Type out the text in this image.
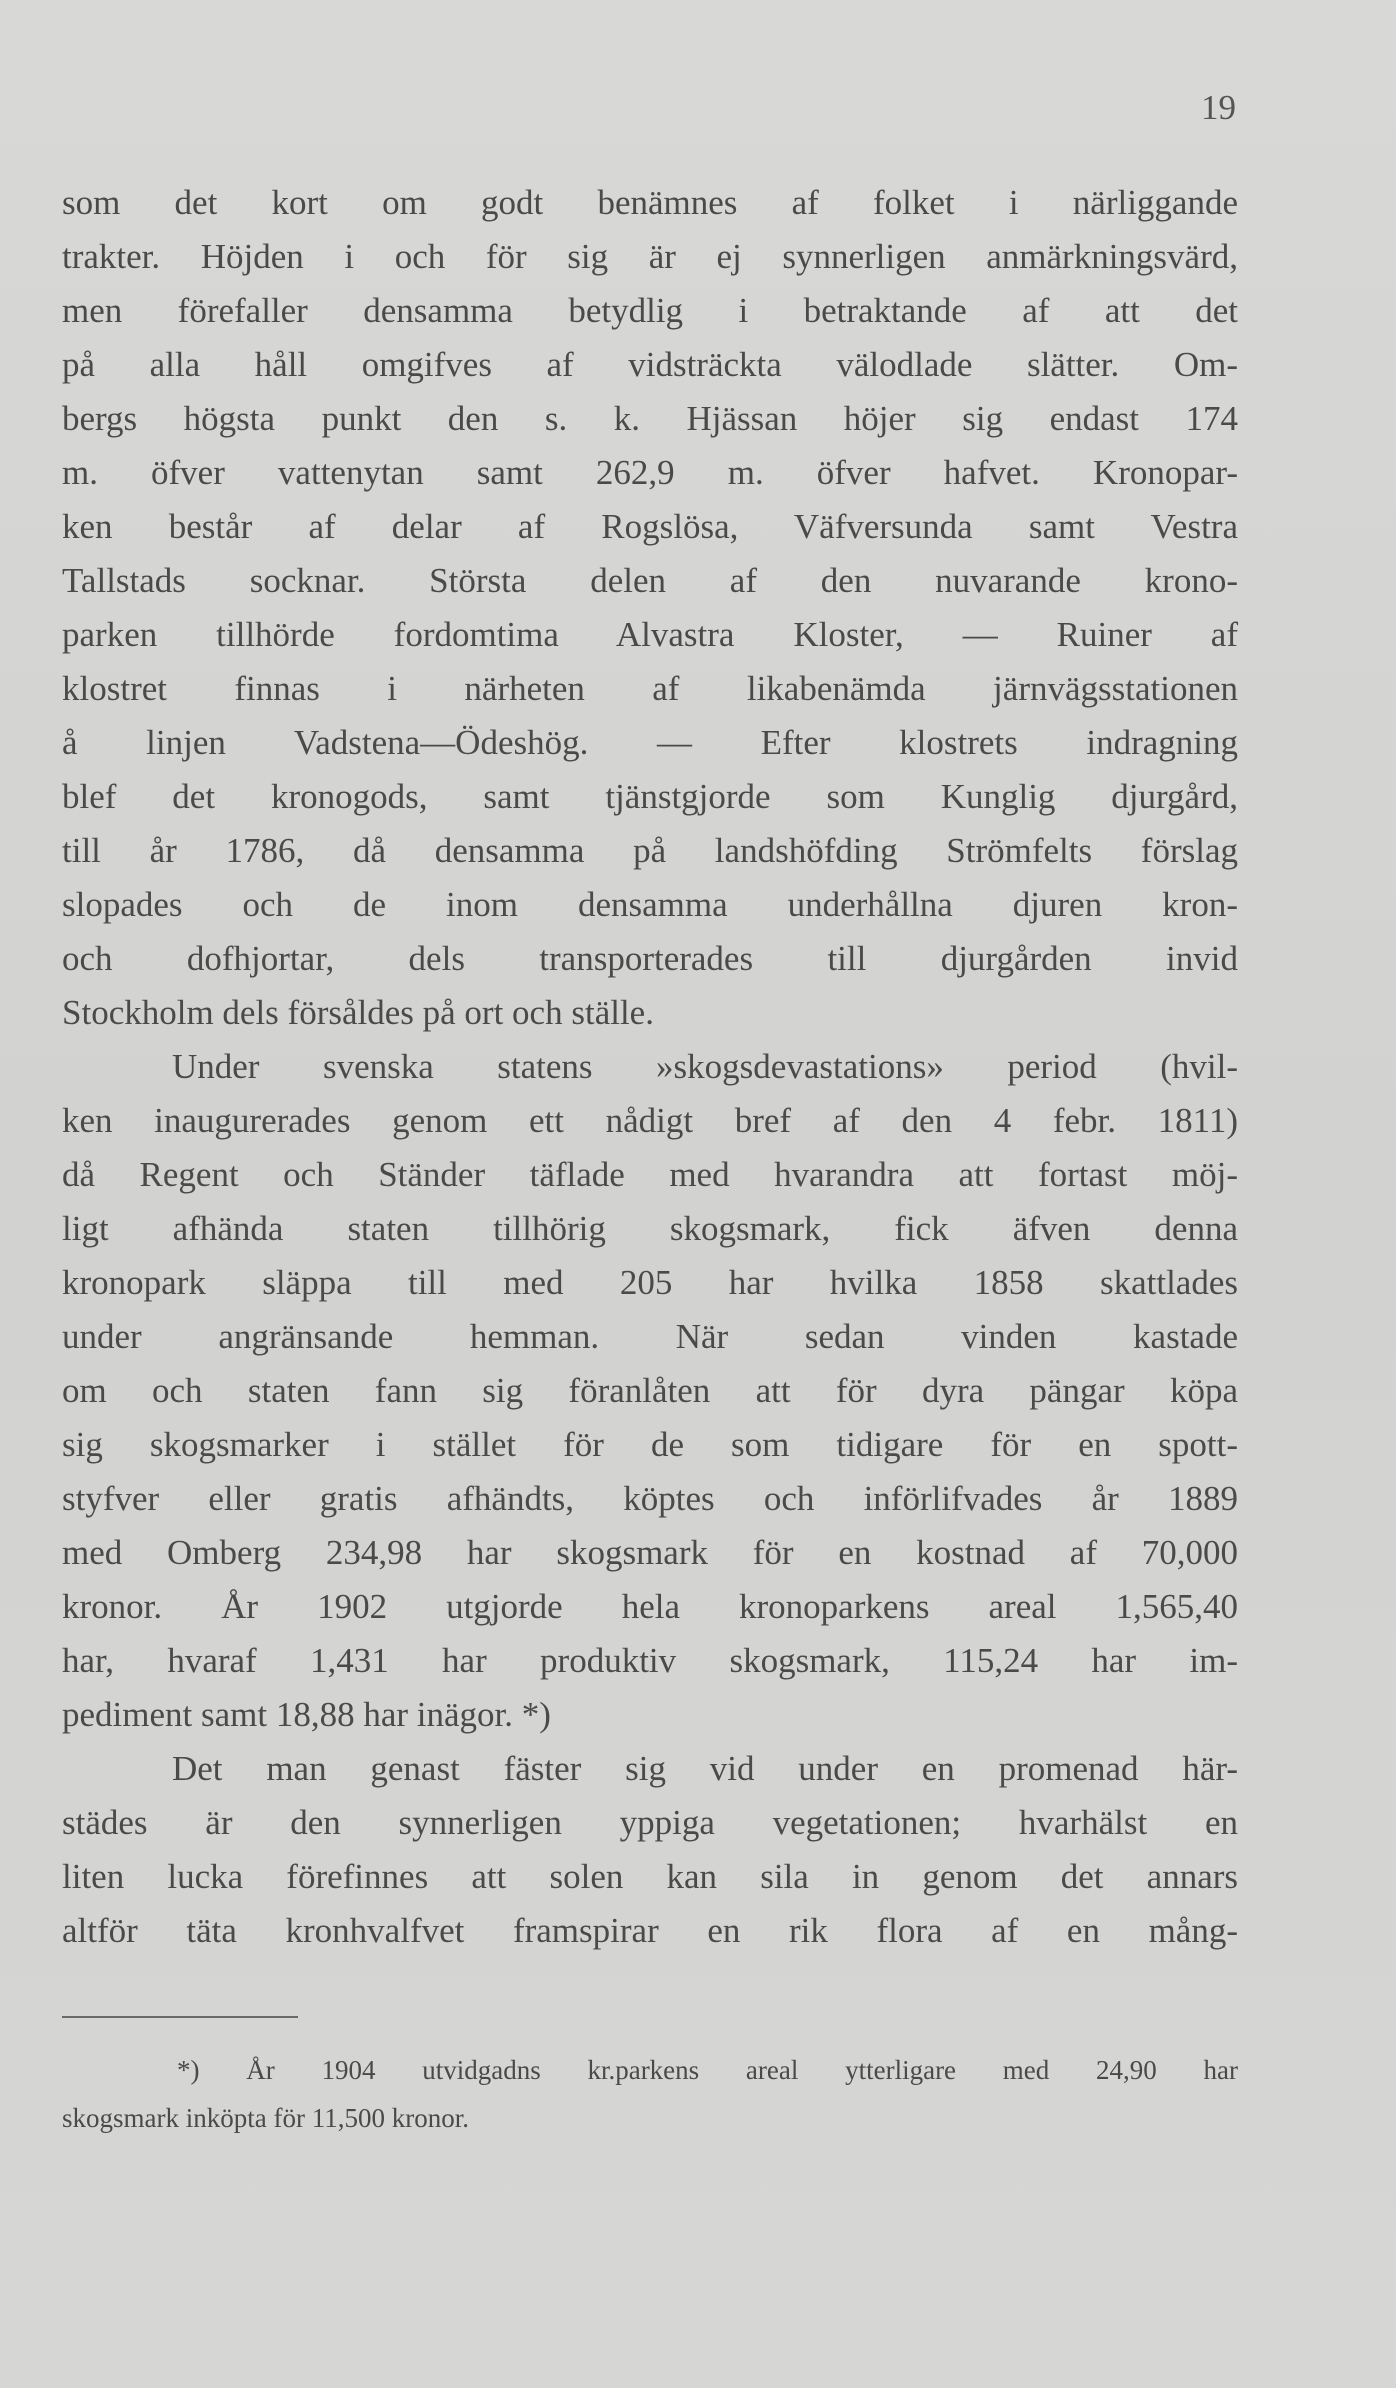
19
som det kort om godt benämnes af folket i närliggande
trakter. Höjden i och för sig är ej synnerligen anmärkningsvärd,
men förefaller densamma betydlig i betraktande af att det
på alla håll omgifves af vidsträckta välodlade slätter. Om-
bergs högsta punkt den s. k. Hjässan höjer sig endast 174
m. öfver vattenytan samt 262,9 m. öfver hafvet. Kronopar-
ken består af delar af Rogslösa, Väfversunda samt Vestra
Tallstads socknar. Största delen af den nuvarande krono-
parken tillhörde fordomtima Alvastra Kloster, — Ruiner af
klostret finnas i närheten af likabenämda järnvägsstationen
å linjen Vadstena—Ödeshög. — Efter klostrets indragning
blef det kronogods, samt tjänstgjorde som Kunglig djurgård,
till år 1786, då densamma på landshöfding Strömfelts förslag
slopades och de inom densamma underhållna djuren kron-
och dofhjortar, dels transporterades till djurgården invid
Stockholm dels försåldes på ort och ställe.
Under svenska statens »skogsdevastations» period (hvil-
ken inaugurerades genom ett nådigt bref af den 4 febr. 1811)
då Regent och Ständer täflade med hvarandra att fortast möj-
ligt afhända staten tillhörig skogsmark, fick äfven denna
kronopark släppa till med 205 har hvilka 1858 skattlades
under angränsande hemman. När sedan vinden kastade
om och staten fann sig föranlåten att för dyra pängar köpa
sig skogsmarker i stället för de som tidigare för en spott-
styfver eller gratis afhändts, köptes och införlifvades år 1889
med Omberg 234,98 har skogsmark för en kostnad af 70,000
kronor. År 1902 utgjorde hela kronoparkens areal 1,565,40
har, hvaraf 1,431 har produktiv skogsmark, 115,24 har im-
pediment samt 18,88 har inägor. *)
Det man genast fäster sig vid under en promenad här-
städes är den synnerligen yppiga vegetationen; hvarhälst en
liten lucka förefinnes att solen kan sila in genom det annars
altför täta kronhvalfvet framspirar en rik flora af en mång-
*) År 1904 utvidgadns kr.parkens areal ytterligare med 24,90 har
skogsmark inköpta för 11,500 kronor.
